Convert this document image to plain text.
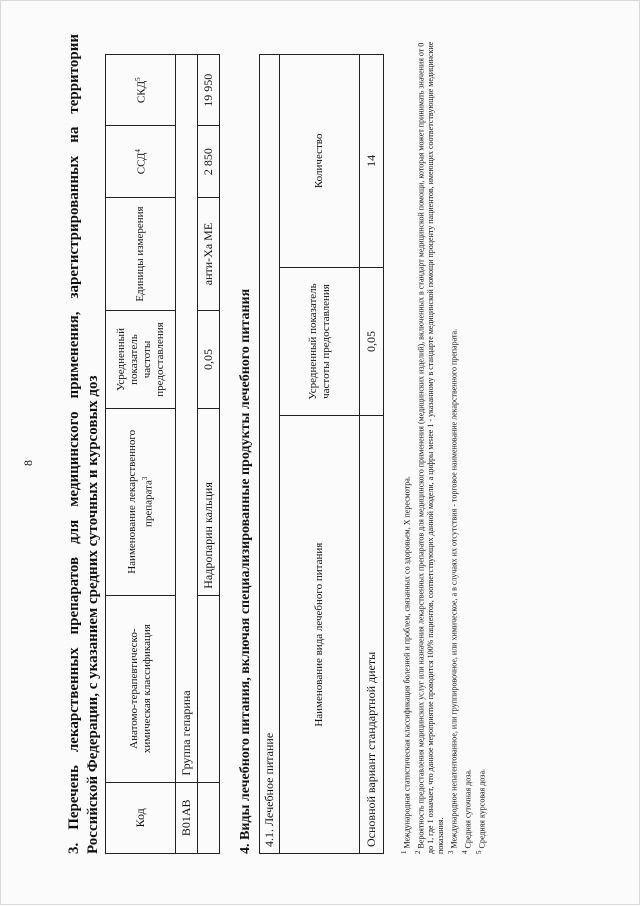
8 3. Перечень лекарственных препаратов для медицинского применения, зарегистрированных на территории Российской Федерации, с указанием средних суточных и курсовых доз	Код	Анатомо-терапевтическо-химическая классификация	Наименование лекарственного препарата$^3$	Усредненный показатель частоты предоставления	Единицы измерения	ССД$^4$	СКД$^5$
B01AB	Группа гепарина					
		Надропарин кальция	0,05	анти-Xa МЕ	2 850	19 950
4. Виды лечебного питания, включая специализированные продукты лечебного питания 4.1. Лечебное питание		
Наименование вида лечебного питания	Усредненный показатель частоты предоставления	Количество
Основной вариант стандартной диеты	0,05	14
$^1$ Международная статистическая классификация болезней и проблем, связанных со здоровьем, X пересмотра.
$^2$ Вероятность предоставления медицинских услуг или назначения лекарственных препаратов для медицинского применения (медицинских изделий), включенных в стандарт медицинской помощи, которая может принимать значения от 0 до 1, где 1 означает, что данное мероприятие проводится 100% пациентов, соответствующих данной модели, а цифры менее 1 - указанному в стандарте медицинской помощи проценту пациентов, имеющих соответствующие медицинские показания. $^3$ Международное непатентованное, или группировочное, или химическое, а в случаях их отсутствия - торговое наименование лекарственного препарата.
$^4$ Средняя суточная доза.
$^5$ Средняя курсовая доза.
